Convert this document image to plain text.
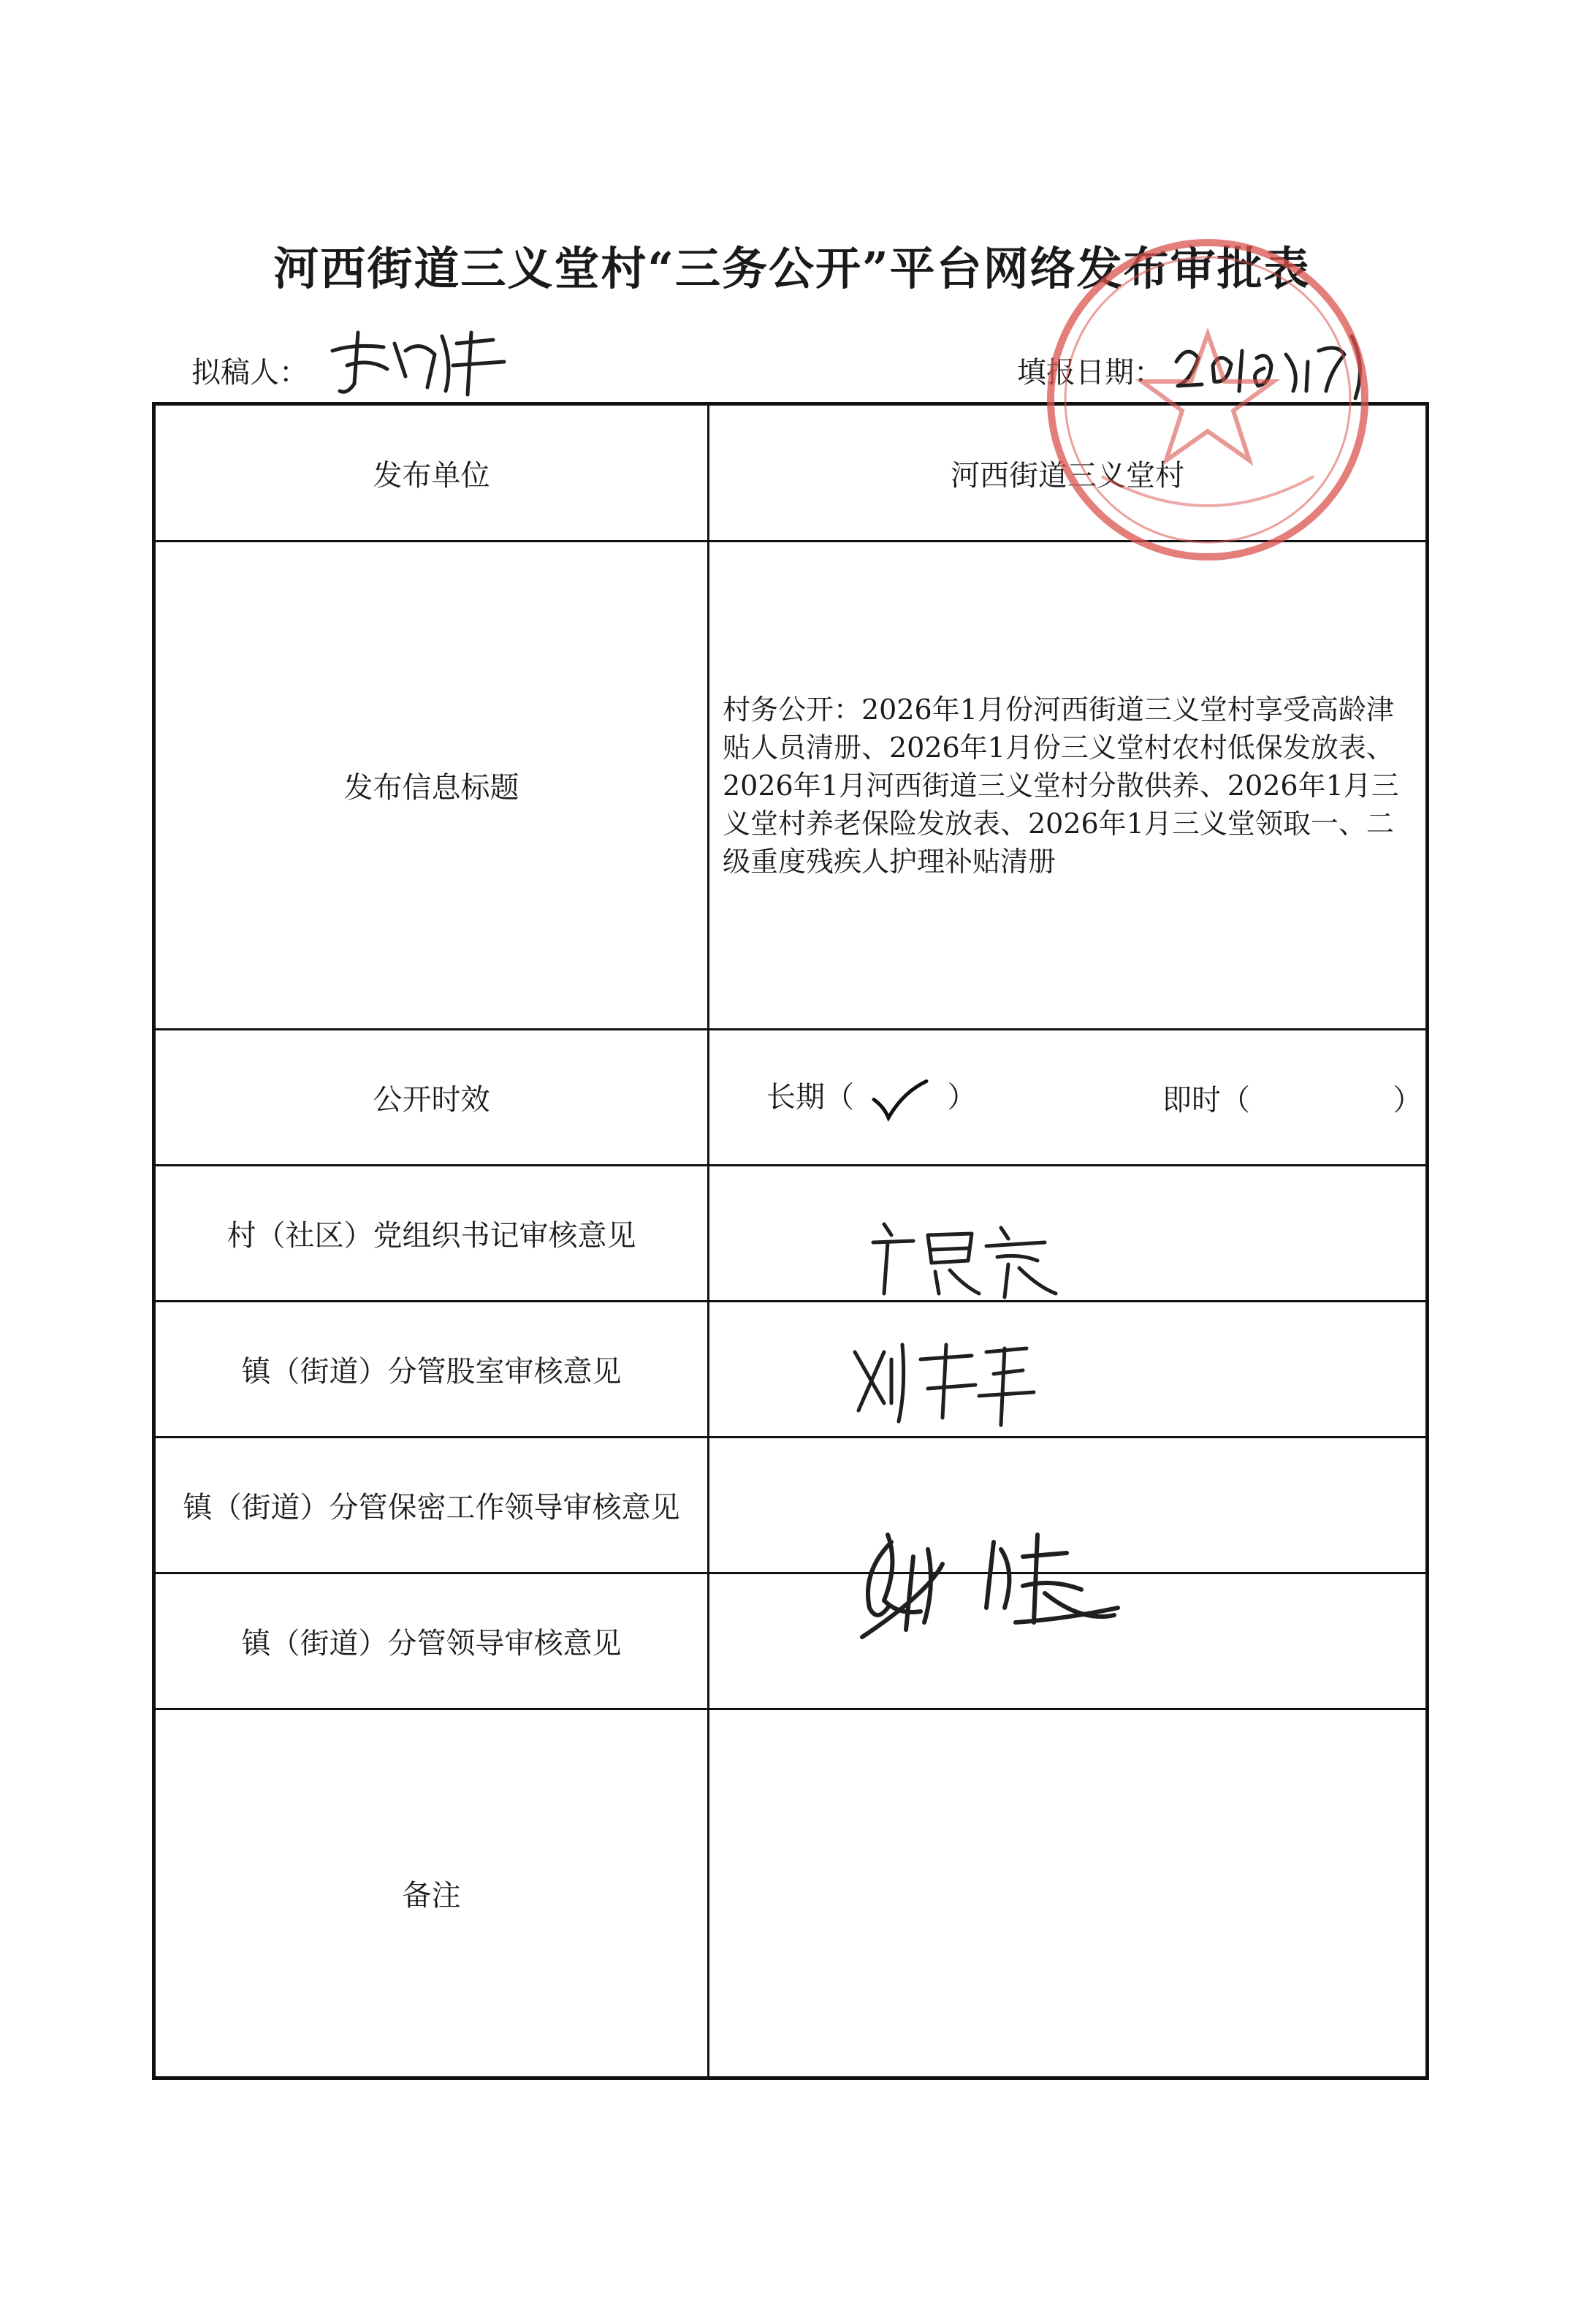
河西街道三义堂村“三务公开”平台网络发布审批表
拟稿人：	填报日期：
发布单位	河西街道三义堂村
发布信息标题	村务公开：2026年1月份河西街道三义堂村享受高龄津贴人员清册、2026年1月份三义堂村农村低保发放表、2026年1月河西街道三义堂村分散供养、2026年1月三义堂村养老保险发放表、2026年1月三义堂领取一、二级重度残疾人护理补贴清册

公开时效	长期（ ） 即时（ ）

村（社区）党组织书记审核意见	
镇（街道）分管股室审核意见	
镇（街道）分管保密工作领导审核意见	
镇（街道）分管领导审核意见	
备注	
